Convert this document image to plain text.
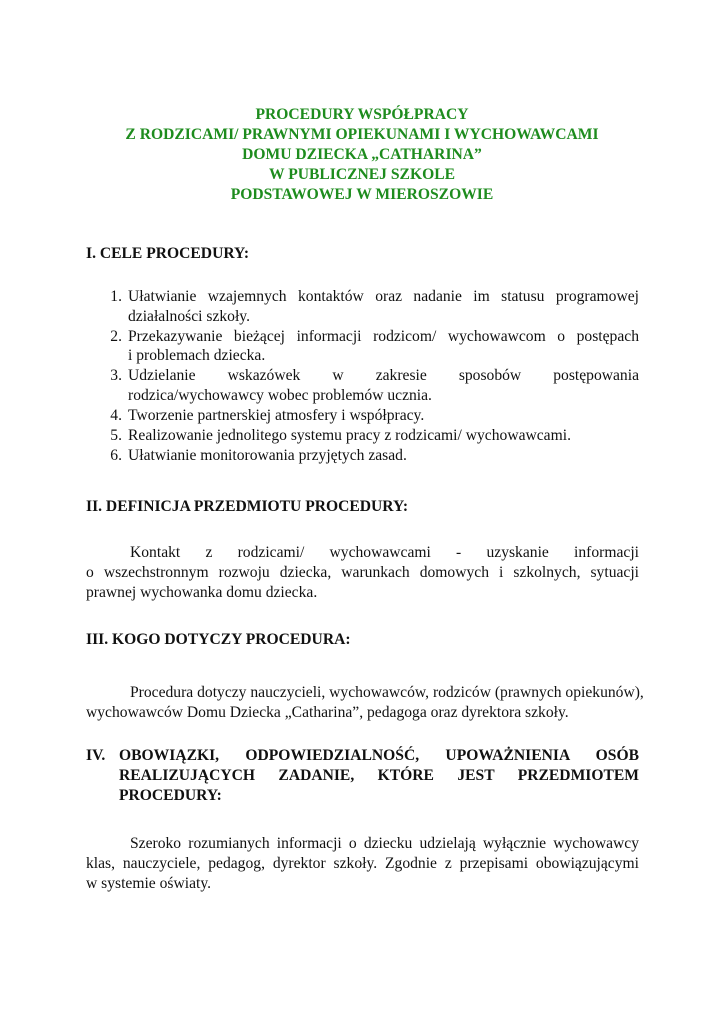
PROCEDURY WSPÓŁPRACY
Z RODZICAMI/ PRAWNYMI OPIEKUNAMI I WYCHOWAWCAMI
DOMU DZIECKA „CATHARINA”
W PUBLICZNEJ SZKOLE
PODSTAWOWEJ W MIEROSZOWIE
I. CELE PROCEDURY:
1. Ułatwianie wzajemnych kontaktów oraz nadanie im statusu programowej
działalności szkoły.
2. Przekazywanie bieżącej informacji rodzicom/ wychowawcom o postępach
i problemach dziecka.
3. Udzielanie wskazówek w zakresie sposobów postępowania
rodzica/wychowawcy wobec problemów ucznia.
4. Tworzenie partnerskiej atmosfery i współpracy.
5. Realizowanie jednolitego systemu pracy z rodzicami/ wychowawcami.
6. Ułatwianie monitorowania przyjętych zasad.
II. DEFINICJA PRZEDMIOTU PROCEDURY:
Kontakt z rodzicami/ wychowawcami - uzyskanie informacji
o wszechstronnym rozwoju dziecka, warunkach domowych i szkolnych, sytuacji
prawnej wychowanka domu dziecka.
III. KOGO DOTYCZY PROCEDURA:
Procedura dotyczy nauczycieli, wychowawców, rodziców (prawnych opiekunów),
wychowawców Domu Dziecka „Catharina”, pedagoga oraz dyrektora szkoły.
IV. OBOWIĄZKI, ODPOWIEDZIALNOŚĆ, UPOWAŻNIENIA OSÓB
REALIZUJĄCYCH ZADANIE, KTÓRE JEST PRZEDMIOTEM
PROCEDURY:
Szeroko rozumianych informacji o dziecku udzielają wyłącznie wychowawcy
klas, nauczyciele, pedagog, dyrektor szkoły. Zgodnie z przepisami obowiązującymi
w systemie oświaty.
